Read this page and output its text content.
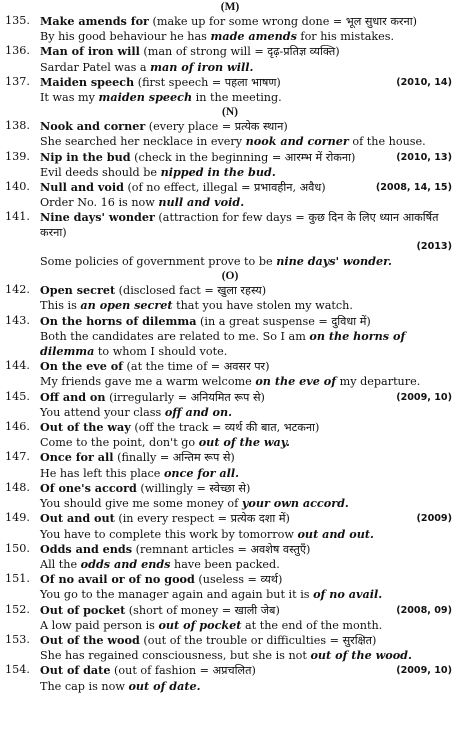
(M)
135. Make amends for (make up for some wrong done = भूल सुधार करना)
By his good behaviour he has made amends for his mistakes.
136. Man of iron will (man of strong will = दृढ़-प्रतिज्ञ व्यक्ति)
Sardar Patel was a man of iron will.
137. Maiden speech (first speech = पहला भाषण)	(2010, 14)
It was my maiden speech in the meeting.
(N)
138. Nook and corner (every place = प्रत्येक स्थान)
She searched her necklace in every nook and corner of the house.
139. Nip in the bud (check in the beginning = आरम्भ में रोकना)	(2010, 13)
Evil deeds should be nipped in the bud.
140. Null and void (of no effect, illegal = प्रभावहीन, अवैध)	(2008, 14, 15)
Order No. 16 is now null and void.
141. Nine days' wonder (attraction for few days = कुछ दिन के लिए ध्यान आकर्षित करना)
(2013)
Some policies of government prove to be nine days' wonder.
(O)
142. Open secret (disclosed fact = खुला रहस्य)
This is an open secret that you have stolen my watch.
143. On the horns of dilemma (in a great suspense = दुविधा में)
Both the candidates are related to me. So I am on the horns of dilemma to whom I should vote.
144. On the eve of (at the time of = अवसर पर)
My friends gave me a warm welcome on the eve of my departure.
145. Off and on (irregularly = अनियमित रूप से)	(2009, 10)
You attend your class off and on.
146. Out of the way (off the track = व्यर्थ की बात, भटकना)
Come to the point, don't go out of the way.
147. Once for all (finally = अन्तिम रूप से)
He has left this place once for all.
148. Of one's accord (willingly = स्वेच्छा से)
You should give me some money of your own accord.
149. Out and out (in every respect = प्रत्येक दशा में)	(2009)
You have to complete this work by tomorrow out and out.
150. Odds and ends (remnant articles = अवशेष वस्तुएँ)
All the odds and ends have been packed.
151. Of no avail or of no good (useless = व्यर्थ)
You go to the manager again and again but it is of no avail.
152. Out of pocket (short of money = खाली जेब)	(2008, 09)
A low paid person is out of pocket at the end of the month.
153. Out of the wood (out of the trouble or difficulties = सुरक्षित)
She has regained consciousness, but she is not out of the wood.
154. Out of date (out of fashion = अप्रचलित)	(2009, 10)
The cap is now out of date.
